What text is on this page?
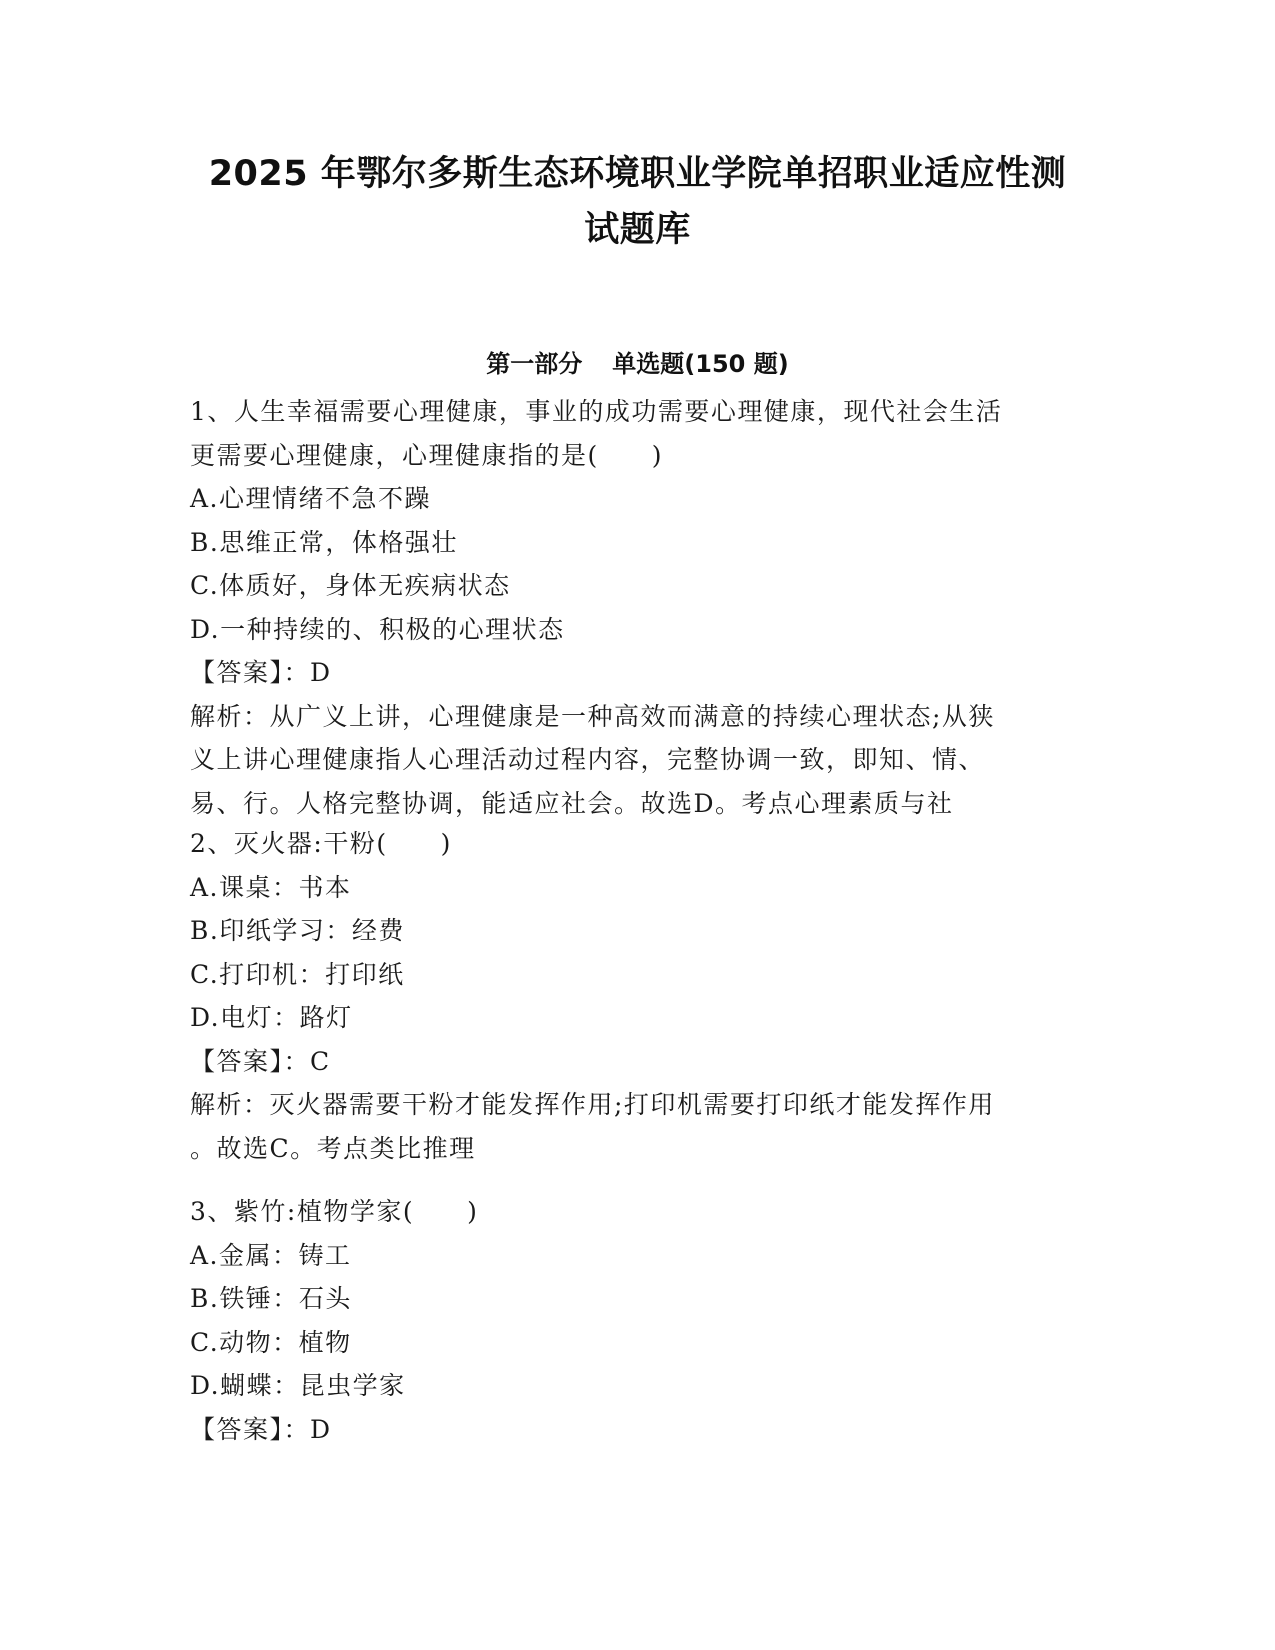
2025 年鄂尔多斯生态环境职业学院单招职业适应性测
试题库
第一部分 单选题(150 题)
1、人生幸福需要心理健康，事业的成功需要心理健康，现代社会生活
更需要心理健康，心理健康指的是(　　)
A.心理情绪不急不躁
B.思维正常，体格强壮
C.体质好，身体无疾病状态
D.一种持续的、积极的心理状态
【答案】：D
解析：从广义上讲，心理健康是一种高效而满意的持续心理状态;从狭
义上讲心理健康指人心理活动过程内容，完整协调一致，即知、情、
易、行。人格完整协调，能适应社会。故选D。考点心理素质与社
2、灭火器:干粉(　　)
A.课桌：书本
B.印纸学习：经费
C.打印机：打印纸
D.电灯：路灯
【答案】：C
解析：灭火器需要干粉才能发挥作用;打印机需要打印纸才能发挥作用
。故选C。考点类比推理
3、紫竹:植物学家(　　)
A.金属：铸工
B.铁锤：石头
C.动物：植物
D.蝴蝶：昆虫学家
【答案】：D
